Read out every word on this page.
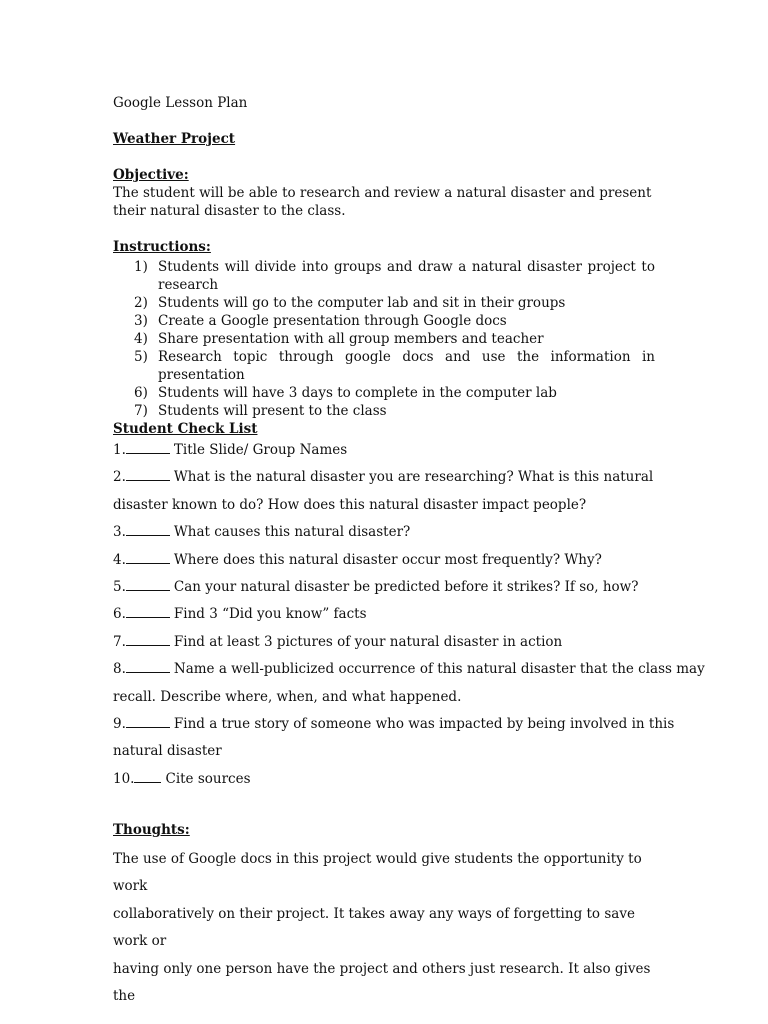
Google Lesson Plan
Weather Project
Objective:
The student will be able to research and review a natural disaster and present their natural disaster to the class.
Instructions:
1) Students will divide into groups and draw a natural disaster project to research
2) Students will go to the computer lab and sit in their groups
3) Create a Google presentation through Google docs
4) Share presentation with all group members and teacher
5) Research topic through google docs and use the information in presentation
6) Students will have 3 days to complete in the computer lab
7) Students will present to the class
Student Check List
1.	Title Slide/ Group Names
2.	What is the natural disaster you are researching? What is this natural
disaster known to do? How does this natural disaster impact people?
3.	What causes this natural disaster?
4.	Where does this natural disaster occur most frequently? Why?
5.	Can your natural disaster be predicted before it strikes? If so, how?
6.	Find 3 “Did you know” facts
7.	Find at least 3 pictures of your natural disaster in action
8.	Name a well-publicized occurrence of this natural disaster that the class may
recall. Describe where, when, and what happened.
9.	Find a true story of someone who was impacted by being involved in this
natural disaster
10. Cite sources
Thoughts:
The use of Google docs in this project would give students the opportunity to work
collaboratively on their project. It takes away any ways of forgetting to save work or
having only one person have the project and others just research. It also gives the
